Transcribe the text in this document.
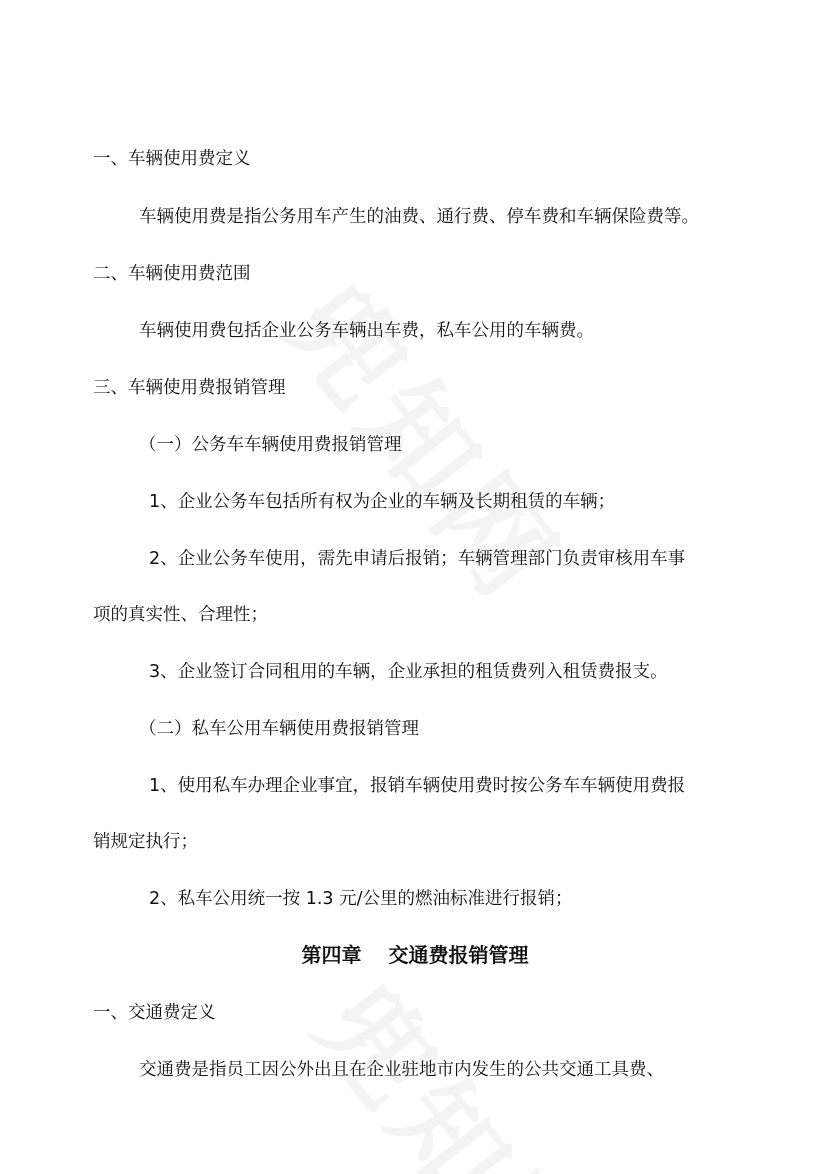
一、车辆使用费定义
车辆使用费是指公务用车产生的油费、通行费、停车费和车辆保险费等。
二、车辆使用费范围
车辆使用费包括企业公务车辆出车费，私车公用的车辆费。
三、车辆使用费报销管理
（一）公务车车辆使用费报销管理
1、企业公务车包括所有权为企业的车辆及长期租赁的车辆；
2、企业公务车使用，需先申请后报销；车辆管理部门负责审核用车事
项的真实性、合理性；
3、企业签订合同租用的车辆，企业承担的租赁费列入租赁费报支。
（二）私车公用车辆使用费报销管理
1、使用私车办理企业事宜，报销车辆使用费时按公务车车辆使用费报
销规定执行；
2、私车公用统一按 1.3 元/公里的燃油标准进行报销；
第四章　 交通费报销管理
一、交通费定义
交通费是指员工因公外出且在企业驻地市内发生的公共交通工具费、
